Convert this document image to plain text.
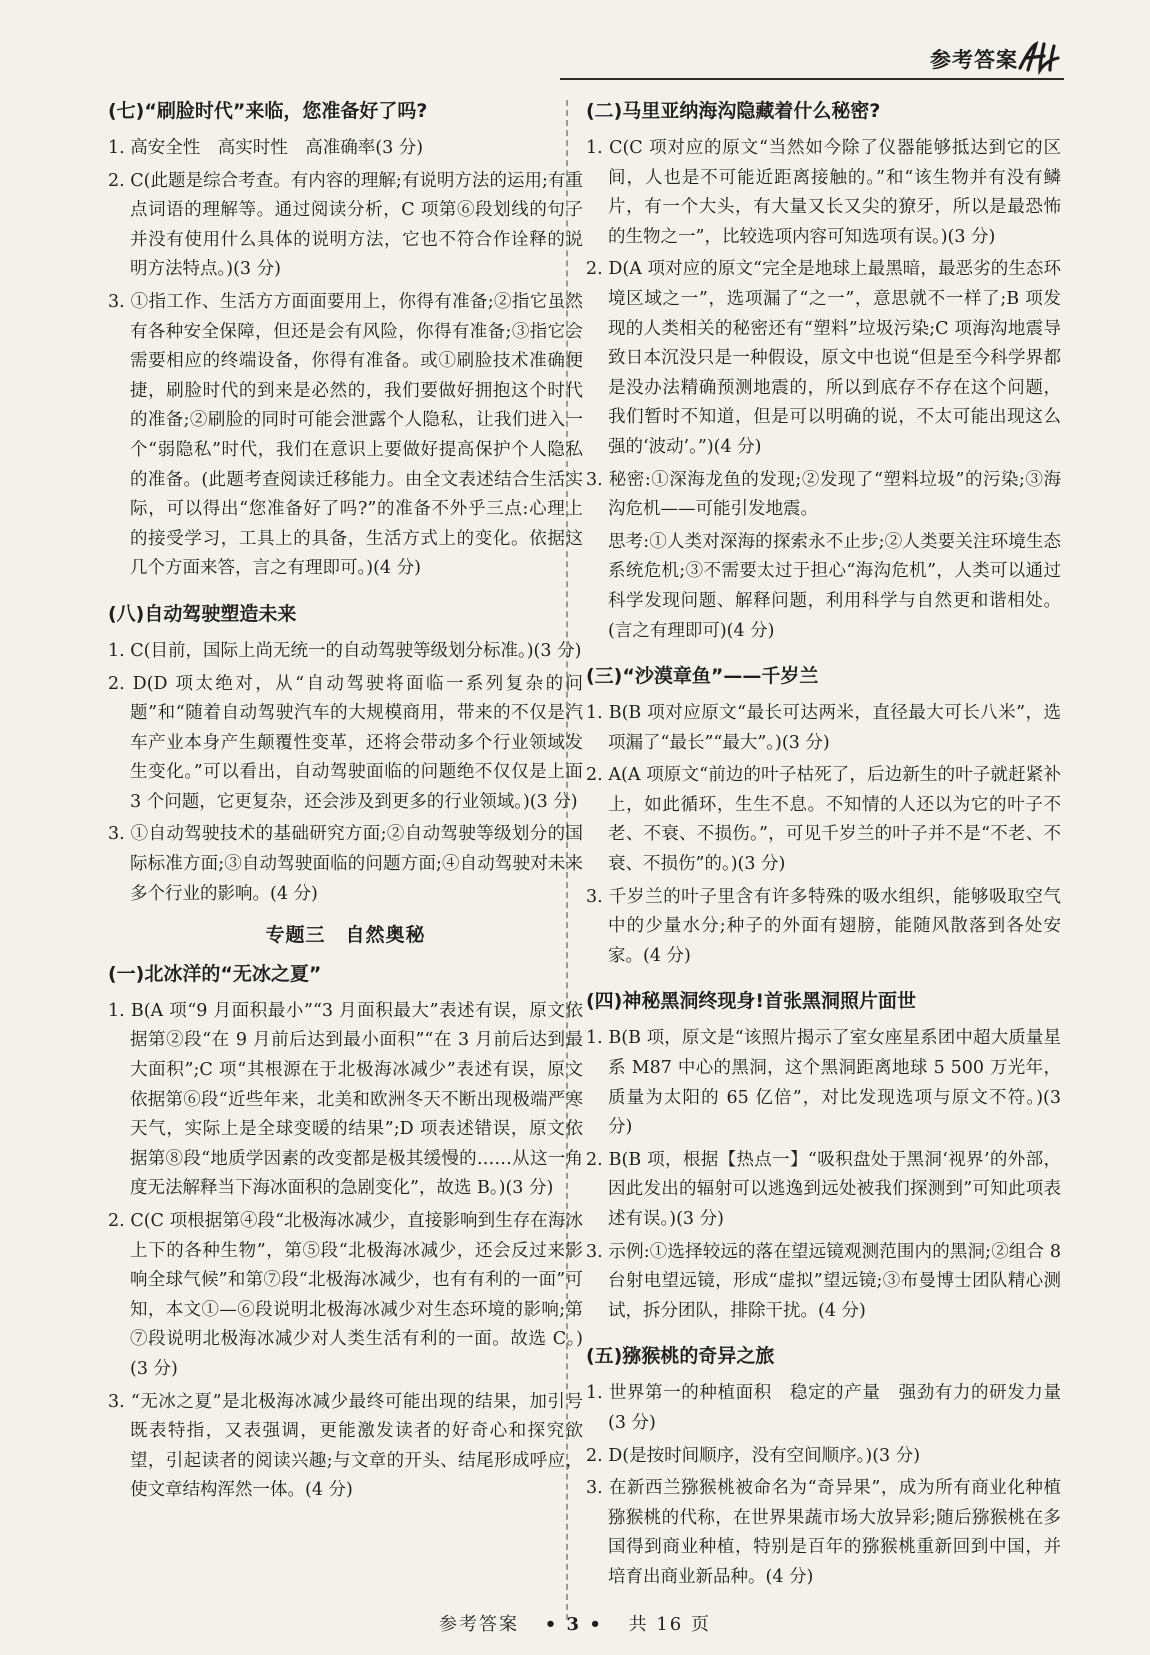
参考答案
(七)“刷脸时代”来临，您准备好了吗?
1. 高安全性　高实时性　高准确率(3 分)
2. C(此题是综合考查。有内容的理解;有说明方法的运用;有重点词语的理解等。通过阅读分析，C 项第⑥段划线的句子并没有使用什么具体的说明方法，它也不符合作诠释的说明方法特点。)(3 分)
3. ①指工作、生活方方面面要用上，你得有准备;②指它虽然有各种安全保障，但还是会有风险，你得有准备;③指它会需要相应的终端设备，你得有准备。或①刷脸技术准确便捷，刷脸时代的到来是必然的，我们要做好拥抱这个时代的准备;②刷脸的同时可能会泄露个人隐私，让我们进入一个“弱隐私”时代，我们在意识上要做好提高保护个人隐私的准备。(此题考查阅读迁移能力。由全文表述结合生活实际，可以得出“您准备好了吗?”的准备不外乎三点:心理上的接受学习，工具上的具备，生活方式上的变化。依据这几个方面来答，言之有理即可。)(4 分)
(八)自动驾驶塑造未来
1. C(目前，国际上尚无统一的自动驾驶等级划分标准。)(3 分)
2. D(D 项太绝对，从“自动驾驶将面临一系列复杂的问题”和“随着自动驾驶汽车的大规模商用，带来的不仅是汽车产业本身产生颠覆性变革，还将会带动多个行业领域发生变化。”可以看出，自动驾驶面临的问题绝不仅仅是上面 3 个问题，它更复杂，还会涉及到更多的行业领域。)(3 分)
3. ①自动驾驶技术的基础研究方面;②自动驾驶等级划分的国际标准方面;③自动驾驶面临的问题方面;④自动驾驶对未来多个行业的影响。(4 分)
专题三　自然奥秘
(一)北冰洋的“无冰之夏”
1. B(A 项“9 月面积最小”“3 月面积最大”表述有误，原文依据第②段“在 9 月前后达到最小面积”“在 3 月前后达到最大面积”;C 项“其根源在于北极海冰减少”表述有误，原文依据第⑥段“近些年来，北美和欧洲冬天不断出现极端严寒天气，实际上是全球变暖的结果”;D 项表述错误，原文依据第⑧段“地质学因素的改变都是极其缓慢的……从这一角度无法解释当下海冰面积的急剧变化”，故选 B。)(3 分)
2. C(C 项根据第④段“北极海冰减少，直接影响到生存在海冰上下的各种生物”，第⑤段“北极海冰减少，还会反过来影响全球气候”和第⑦段“北极海冰减少，也有有利的一面”可知，本文①—⑥段说明北极海冰减少对生态环境的影响;第⑦段说明北极海冰减少对人类生活有利的一面。故选 C。)(3 分)
3. “无冰之夏”是北极海冰减少最终可能出现的结果，加引号既表特指，又表强调，更能激发读者的好奇心和探究欲望，引起读者的阅读兴趣;与文章的开头、结尾形成呼应，使文章结构浑然一体。(4 分)
(二)马里亚纳海沟隐藏着什么秘密?
1. C(C 项对应的原文“当然如今除了仪器能够抵达到它的区间，人也是不可能近距离接触的。”和“该生物并有没有鳞片，有一个大头，有大量又长又尖的獠牙，所以是最恐怖的生物之一”，比较选项内容可知选项有误。)(3 分)
2. D(A 项对应的原文“完全是地球上最黑暗，最恶劣的生态环境区域之一”，选项漏了“之一”，意思就不一样了;B 项发现的人类相关的秘密还有“塑料”垃圾污染;C 项海沟地震导致日本沉没只是一种假设，原文中也说“但是至今科学界都是没办法精确预测地震的，所以到底存不存在这个问题，我们暂时不知道，但是可以明确的说，不太可能出现这么强的‘波动’。”)(4 分)
3. 秘密:①深海龙鱼的发现;②发现了“塑料垃圾”的污染;③海沟危机——可能引发地震。
思考:①人类对深海的探索永不止步;②人类要关注环境生态系统危机;③不需要太过于担心“海沟危机”，人类可以通过科学发现问题、解释问题，利用科学与自然更和谐相处。(言之有理即可)(4 分)
(三)“沙漠章鱼”——千岁兰
1. B(B 项对应原文“最长可达两米，直径最大可长八米”，选项漏了“最长”“最大”。)(3 分)
2. A(A 项原文“前边的叶子枯死了，后边新生的叶子就赶紧补上，如此循环，生生不息。不知情的人还以为它的叶子不老、不衰、不损伤。”，可见千岁兰的叶子并不是“不老、不衰、不损伤”的。)(3 分)
3. 千岁兰的叶子里含有许多特殊的吸水组织，能够吸取空气中的少量水分;种子的外面有翅膀，能随风散落到各处安家。(4 分)
(四)神秘黑洞终现身!首张黑洞照片面世
1. B(B 项，原文是“该照片揭示了室女座星系团中超大质量星系 M87 中心的黑洞，这个黑洞距离地球 5 500 万光年，质量为太阳的 65 亿倍”，对比发现选项与原文不符。)(3 分)
2. B(B 项，根据【热点一】“吸积盘处于黑洞‘视界’的外部，因此发出的辐射可以逃逸到远处被我们探测到”可知此项表述有误。)(3 分)
3. 示例:①选择较远的落在望远镜观测范围内的黑洞;②组合 8 台射电望远镜，形成“虚拟”望远镜;③布曼博士团队精心测试，拆分团队，排除干扰。(4 分)
(五)猕猴桃的奇异之旅
1. 世界第一的种植面积　稳定的产量　强劲有力的研发力量(3 分)
2. D(是按时间顺序，没有空间顺序。)(3 分)
3. 在新西兰猕猴桃被命名为“奇异果”，成为所有商业化种植猕猴桃的代称，在世界果蔬市场大放异彩;随后猕猴桃在多国得到商业种植，特别是百年的猕猴桃重新回到中国，并培育出商业新品种。(4 分)
参考答案 • 3 • 共 16 页
